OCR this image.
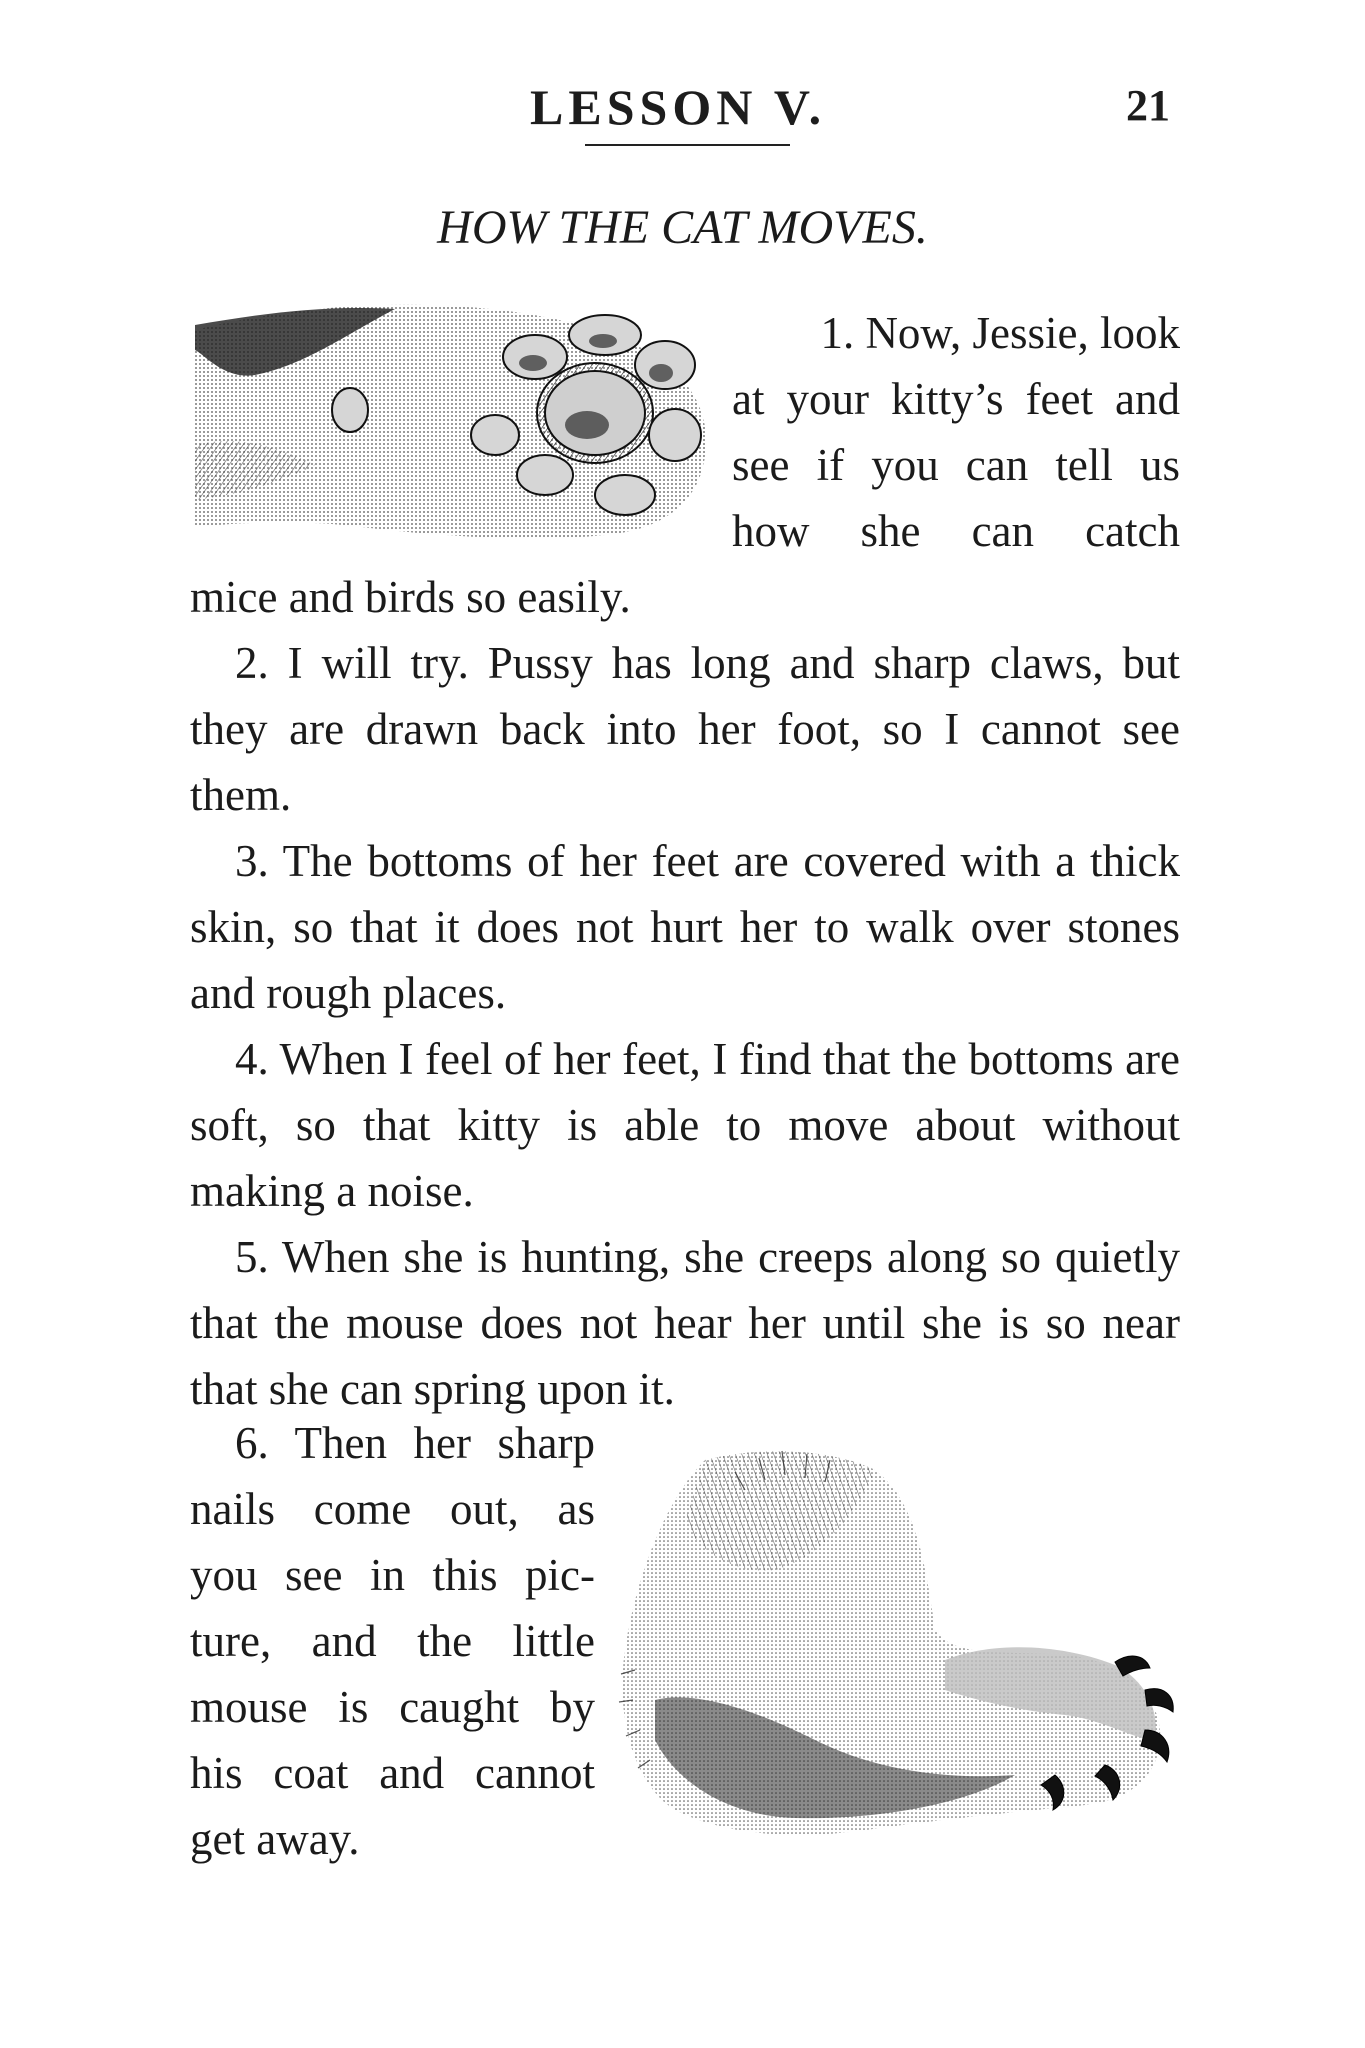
LESSON V.	21
HOW THE CAT MOVES.
1. Now, Jessie, look
at your kitty’s feet and
see if you can tell us
how she can catch

mice and birds so easily.

2. I will try. Pussy has long and sharp claws, but they are drawn back into her foot, so I cannot see them.

3. The bottoms of her feet are covered with a thick skin, so that it does not hurt her to walk over stones and rough places.

4. When I feel of her feet, I find that the bottoms are soft, so that kitty is able to move about without making a noise.

5. When she is hunting, she creeps along so quietly that the mouse does not hear her until she is so near that she can spring upon it.

6. Then her sharp
nails come out, as
you see in this pic-
ture, and the little
mouse is caught by
his coat and cannot
get away.
